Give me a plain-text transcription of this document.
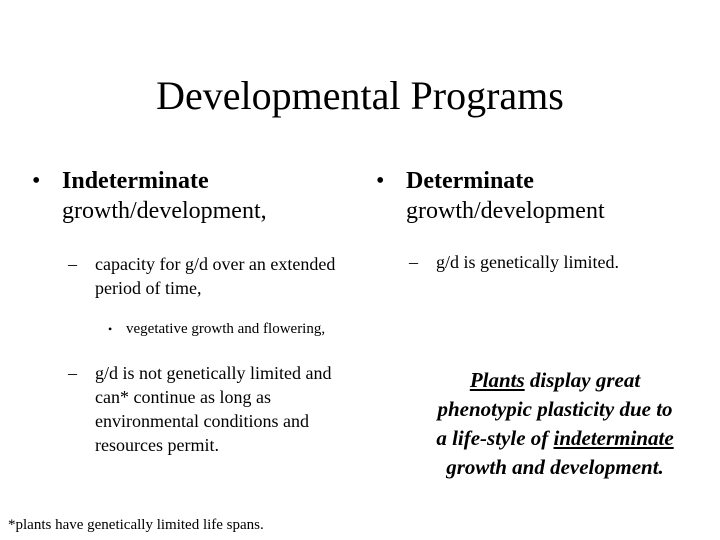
Developmental Programs
• Indeterminate
growth/development,
–	capacity for g/d over an extended
period of time,
• vegetative growth and flowering,
–	g/d is not genetically limited and
can* continue as long as
environmental conditions and
resources permit.
*plants have genetically limited life spans.
• Determinate
growth/development
–	g/d is genetically limited.
Plants display great
phenotypic plasticity due to
a life-style of indeterminate
growth and development.
